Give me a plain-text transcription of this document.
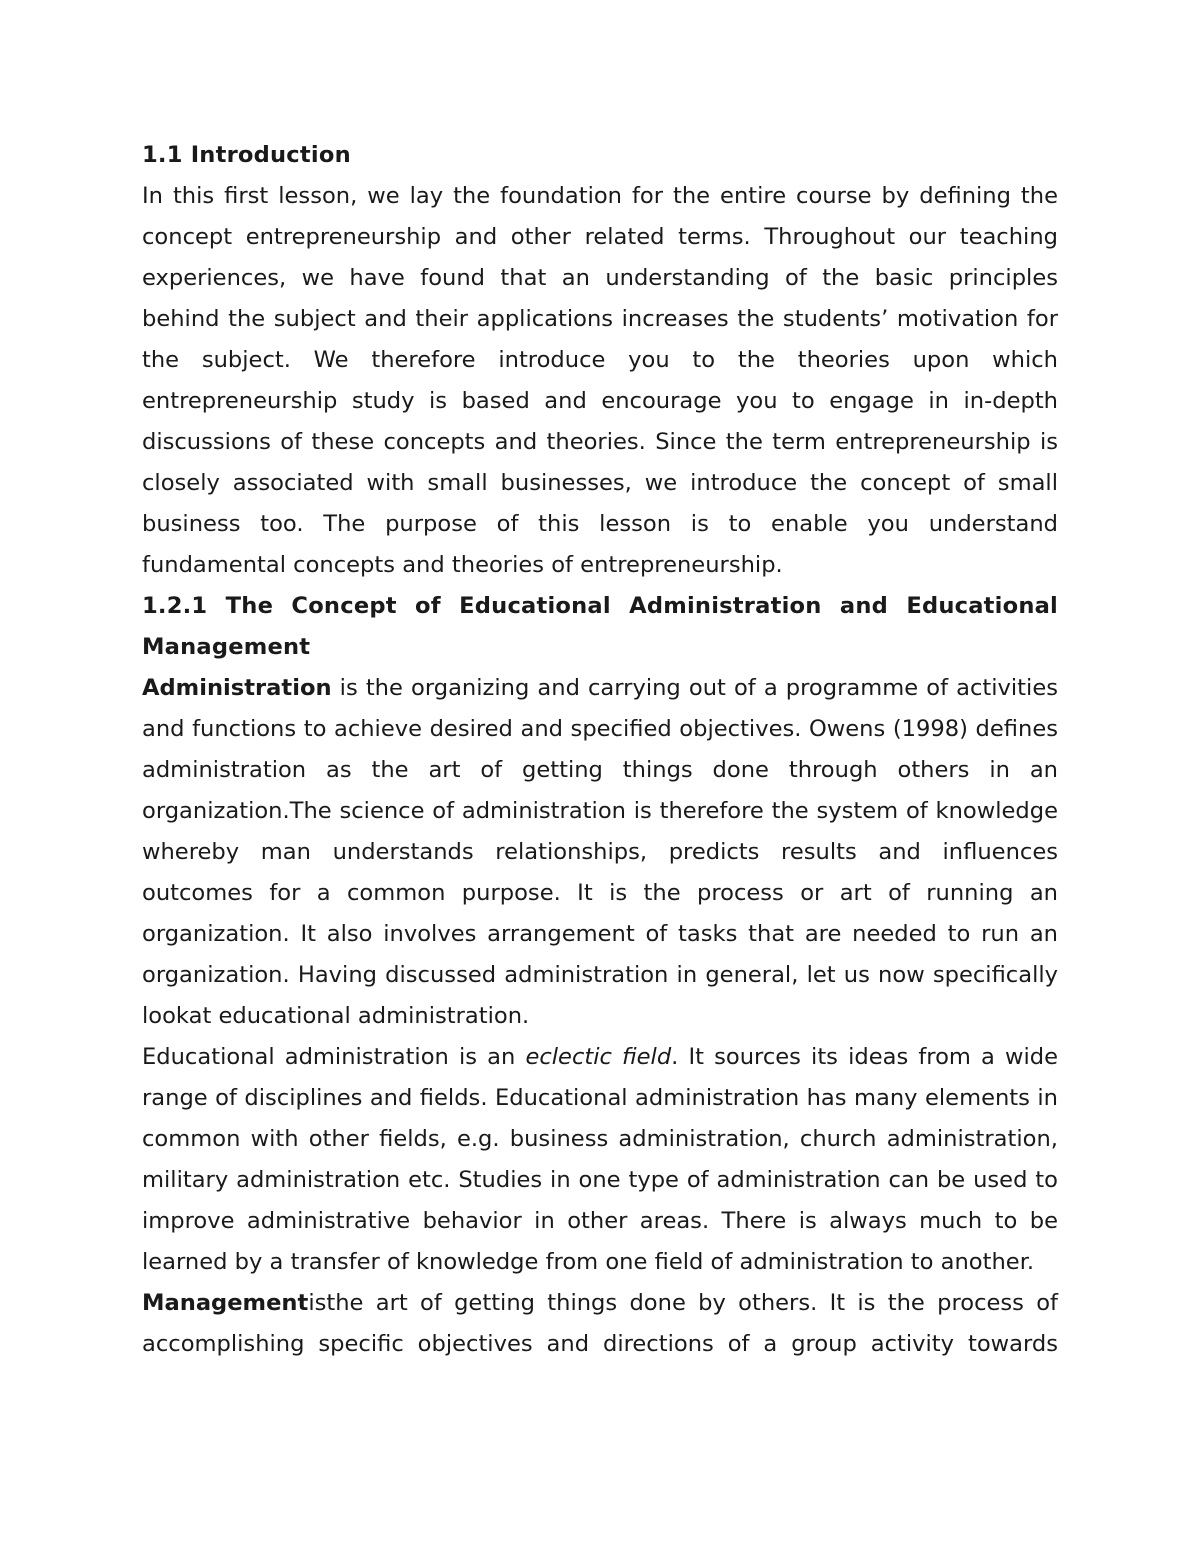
1.1 Introduction

In this first lesson, we lay the foundation for the entire course by defining the concept entrepreneurship and other related terms. Throughout our teaching experiences, we have found that an understanding of the basic principles behind the subject and their applications increases the students’ motivation for the subject. We therefore introduce you to the theories upon which entrepreneurship study is based and encourage you to engage in in-depth discussions of these concepts and theories. Since the term entrepreneurship is closely associated with small businesses, we introduce the concept of small business too. The purpose of this lesson is to enable you understand fundamental concepts and theories of entrepreneurship.

1.2.1 The Concept of Educational Administration and Educational Management

Administration is the organizing and carrying out of a programme of activities and functions to achieve desired and specified objectives. Owens (1998) defines administration as the art of getting things done through others in an organization.The science of administration is therefore the system of knowledge whereby man understands relationships, predicts results and influences outcomes for a common purpose. It is the process or art of running an organization. It also involves arrangement of tasks that are needed to run an organization. Having discussed administration in general, let us now specifically lookat educational administration.

Educational administration is an eclectic field. It sources its ideas from a wide range of disciplines and fields. Educational administration has many elements in common with other fields, e.g. business administration, church administration, military administration etc. Studies in one type of administration can be used to improve administrative behavior in other areas. There is always much to be learned by a transfer of knowledge from one field of administration to another.

Managementisthe art of getting things done by others. It is the process of accomplishing specific objectives and directions of a group activity towards
